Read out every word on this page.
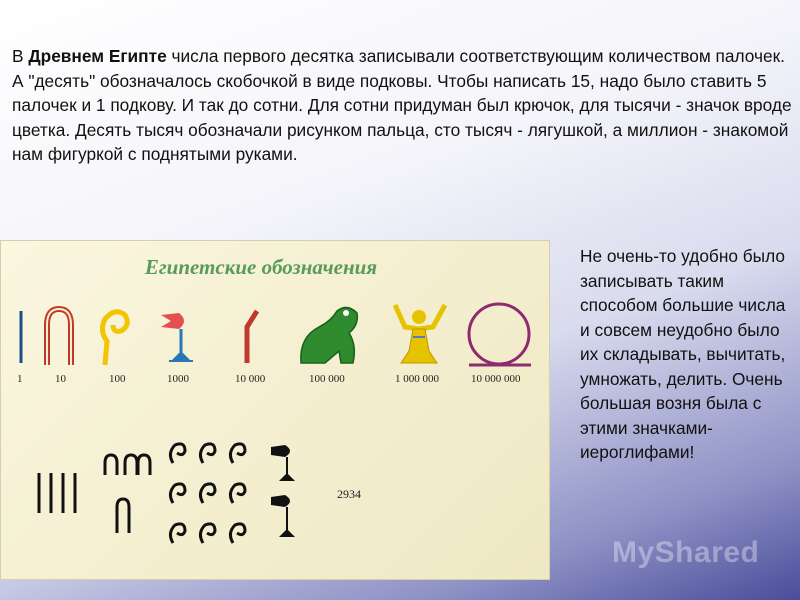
В Древнем Египте числа первого десятка записывали соответствующим количеством палочек. А "десять" обозначалось скобочкой в виде подковы. Чтобы написать 15, надо было ставить 5 палочек и 1 подкову. И так до сотни. Для сотни придуман был крючок, для тысячи - значок вроде цветка. Десять тысяч обозначали рисунком пальца, сто тысяч - лягушкой, а миллион - знакомой нам фигуркой с поднятыми руками.
Египетские обозначения
1	10	100	1000	10 000	100 000	1 000 000	10 000 000
2934
Не очень-то удобно было записывать таким способом большие числа и совсем неудобно было их складывать, вычитать, умножать, делить. Очень большая возня была с этими значками-иероглифами!
MyShared
